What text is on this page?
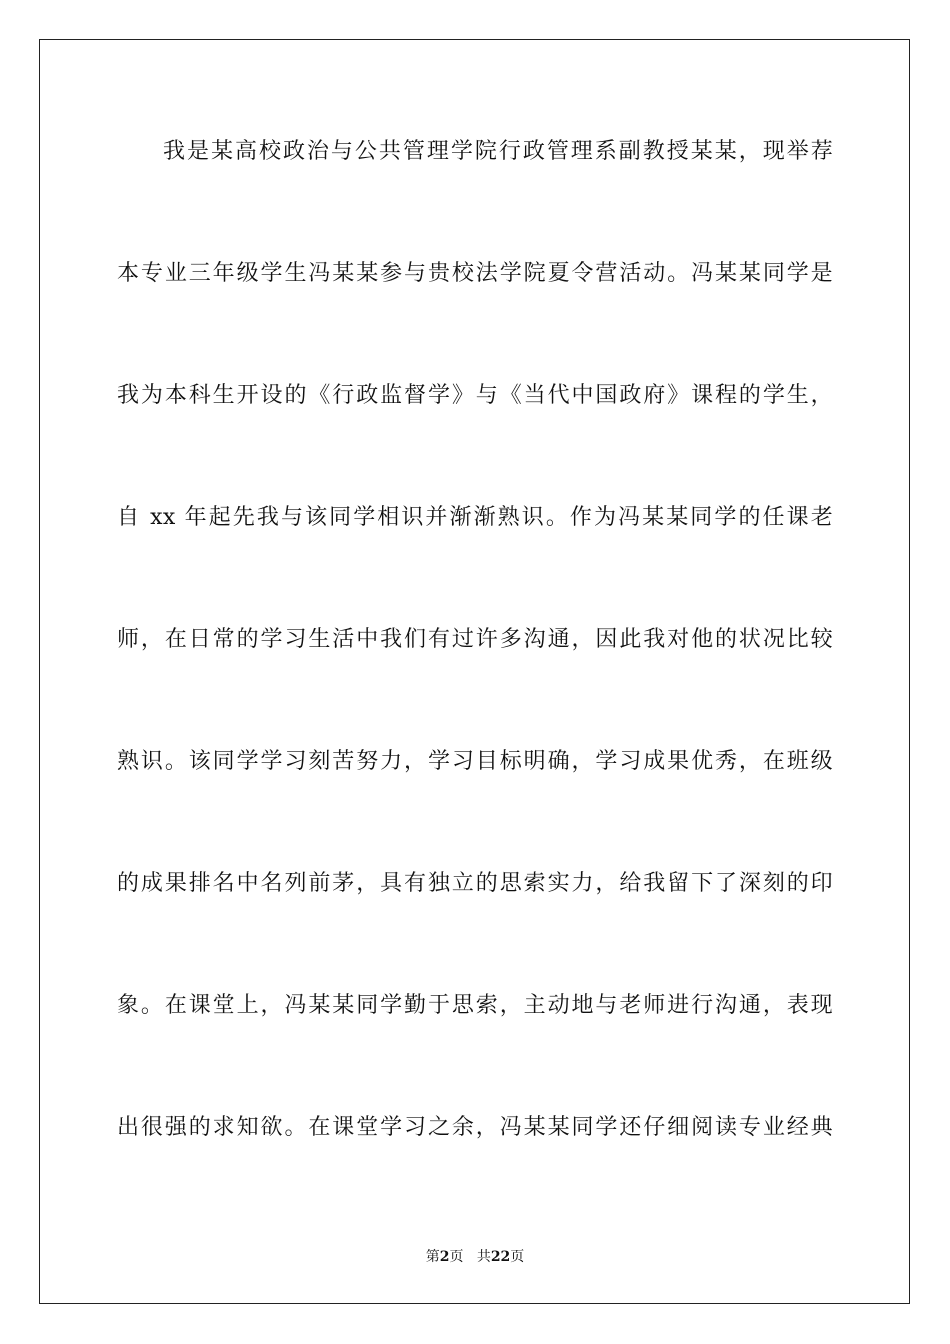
我是某高校政治与公共管理学院行政管理系副教授某某，现举荐
本专业三年级学生冯某某参与贵校法学院夏令营活动。冯某某同学是
我为本科生开设的《行政监督学》与《当代中国政府》课程的学生，
自 xx 年起先我与该同学相识并渐渐熟识。作为冯某某同学的任课老
师，在日常的学习生活中我们有过许多沟通，因此我对他的状况比较
熟识。该同学学习刻苦努力，学习目标明确，学习成果优秀，在班级
的成果排名中名列前茅，具有独立的思索实力，给我留下了深刻的印
象。在课堂上，冯某某同学勤于思索，主动地与老师进行沟通，表现
出很强的求知欲。在课堂学习之余，冯某某同学还仔细阅读专业经典
第2页 共22页
